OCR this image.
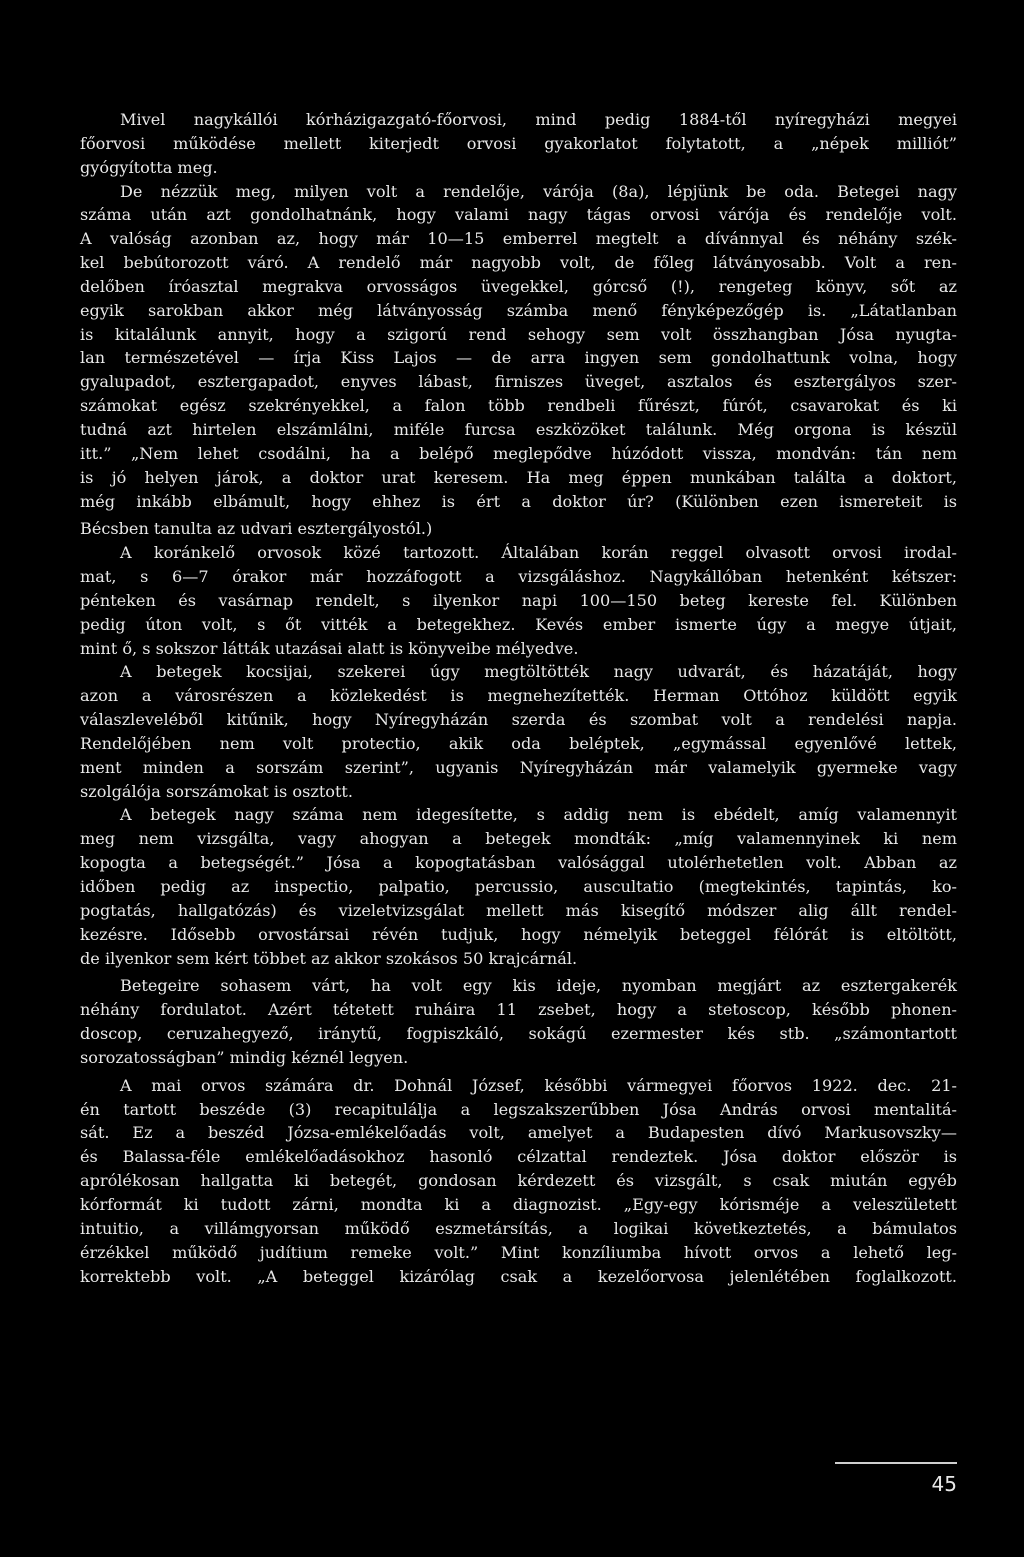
Mivel nagykállói kórházigazgató-főorvosi, mind pedig 1884-től nyíregyházi megyei
főorvosi működése mellett kiterjedt orvosi gyakorlatot folytatott, a „népek milliót”
gyógyította meg.
De nézzük meg, milyen volt a rendelője, várója (8a), lépjünk be oda. Betegei nagy
száma után azt gondolhatnánk, hogy valami nagy tágas orvosi várója és rendelője volt.
A valóság azonban az, hogy már 10—15 emberrel megtelt a dívánnyal és néhány szék-
kel bebútorozott váró. A rendelő már nagyobb volt, de főleg látványosabb. Volt a ren-
delőben íróasztal megrakva orvosságos üvegekkel, górcső (!), rengeteg könyv, sőt az
egyik sarokban akkor még látványosság számba menő fényképezőgép is. „Látatlanban
is kitalálunk annyit, hogy a szigorú rend sehogy sem volt összhangban Jósa nyugta-
lan természetével — írja Kiss Lajos — de arra ingyen sem gondolhattunk volna, hogy
gyalupadot, esztergapadot, enyves lábast, firniszes üveget, asztalos és esztergályos szer-
számokat egész szekrényekkel, a falon több rendbeli fűrészt, fúrót, csavarokat és ki
tudná azt hirtelen elszámlálni, miféle furcsa eszközöket találunk. Még orgona is készül
itt.” „Nem lehet csodálni, ha a belépő meglepődve húzódott vissza, mondván: tán nem
is jó helyen járok, a doktor urat keresem. Ha meg éppen munkában találta a doktort,
még inkább elbámult, hogy ehhez is ért a doktor úr? (Különben ezen ismereteit is
Bécsben tanulta az udvari esztergályostól.)
A koránkelő orvosok közé tartozott. Általában korán reggel olvasott orvosi irodal-
mat, s 6—7 órakor már hozzáfogott a vizsgáláshoz. Nagykállóban hetenként kétszer:
pénteken és vasárnap rendelt, s ilyenkor napi 100—150 beteg kereste fel. Különben
pedig úton volt, s őt vitték a betegekhez. Kevés ember ismerte úgy a megye útjait,
mint ő, s sokszor látták utazásai alatt is könyveibe mélyedve.
A betegek kocsijai, szekerei úgy megtöltötték nagy udvarát, és házatáját, hogy
azon a városrészen a közlekedést is megnehezítették. Herman Ottóhoz küldött egyik
válaszleveléből kitűnik, hogy Nyíregyházán szerda és szombat volt a rendelési napja.
Rendelőjében nem volt protectio, akik oda beléptek, „egymással egyenlővé lettek,
ment minden a sorszám szerint”, ugyanis Nyíregyházán már valamelyik gyermeke vagy
szolgálója sorszámokat is osztott.
A betegek nagy száma nem idegesítette, s addig nem is ebédelt, amíg valamennyit
meg nem vizsgálta, vagy ahogyan a betegek mondták: „míg valamennyinek ki nem
kopogta a betegségét.” Jósa a kopogtatásban valósággal utolérhetetlen volt. Abban az
időben pedig az inspectio, palpatio, percussio, auscultatio (megtekintés, tapintás, ko-
pogtatás, hallgatózás) és vizeletvizsgálat mellett más kisegítő módszer alig állt rendel-
kezésre. Idősebb orvostársai révén tudjuk, hogy némelyik beteggel félórát is eltöltött,
de ilyenkor sem kért többet az akkor szokásos 50 krajcárnál.
Betegeire sohasem várt, ha volt egy kis ideje, nyomban megjárt az esztergakerék
néhány fordulatot. Azért tétetett ruháira 11 zsebet, hogy a stetoscop, később phonen-
doscop, ceruzahegyező, iránytű, fogpiszkáló, sokágú ezermester kés stb. „számontartott
sorozatosságban” mindig kéznél legyen.
A mai orvos számára dr. Dohnál József, későbbi vármegyei főorvos 1922. dec. 21-
én tartott beszéde (3) recapitulálja a legszakszerűbben Jósa András orvosi mentalitá-
sát. Ez a beszéd Józsa-emlékelőadás volt, amelyet a Budapesten dívó Markusovszky—
és Balassa-féle emlékelőadásokhoz hasonló célzattal rendeztek. Jósa doktor először is
aprólékosan hallgatta ki betegét, gondosan kérdezett és vizsgált, s csak miután egyéb
kórformát ki tudott zárni, mondta ki a diagnozist. „Egy-egy kórisméje a veleszületett
intuitio, a villámgyorsan működő eszmetársítás, a logikai következtetés, a bámulatos
érzékkel működő judítium remeke volt.” Mint konzíliumba hívott orvos a lehető leg-
korrektebb volt. „A beteggel kizárólag csak a kezelőorvosa jelenlétében foglalkozott.
45
